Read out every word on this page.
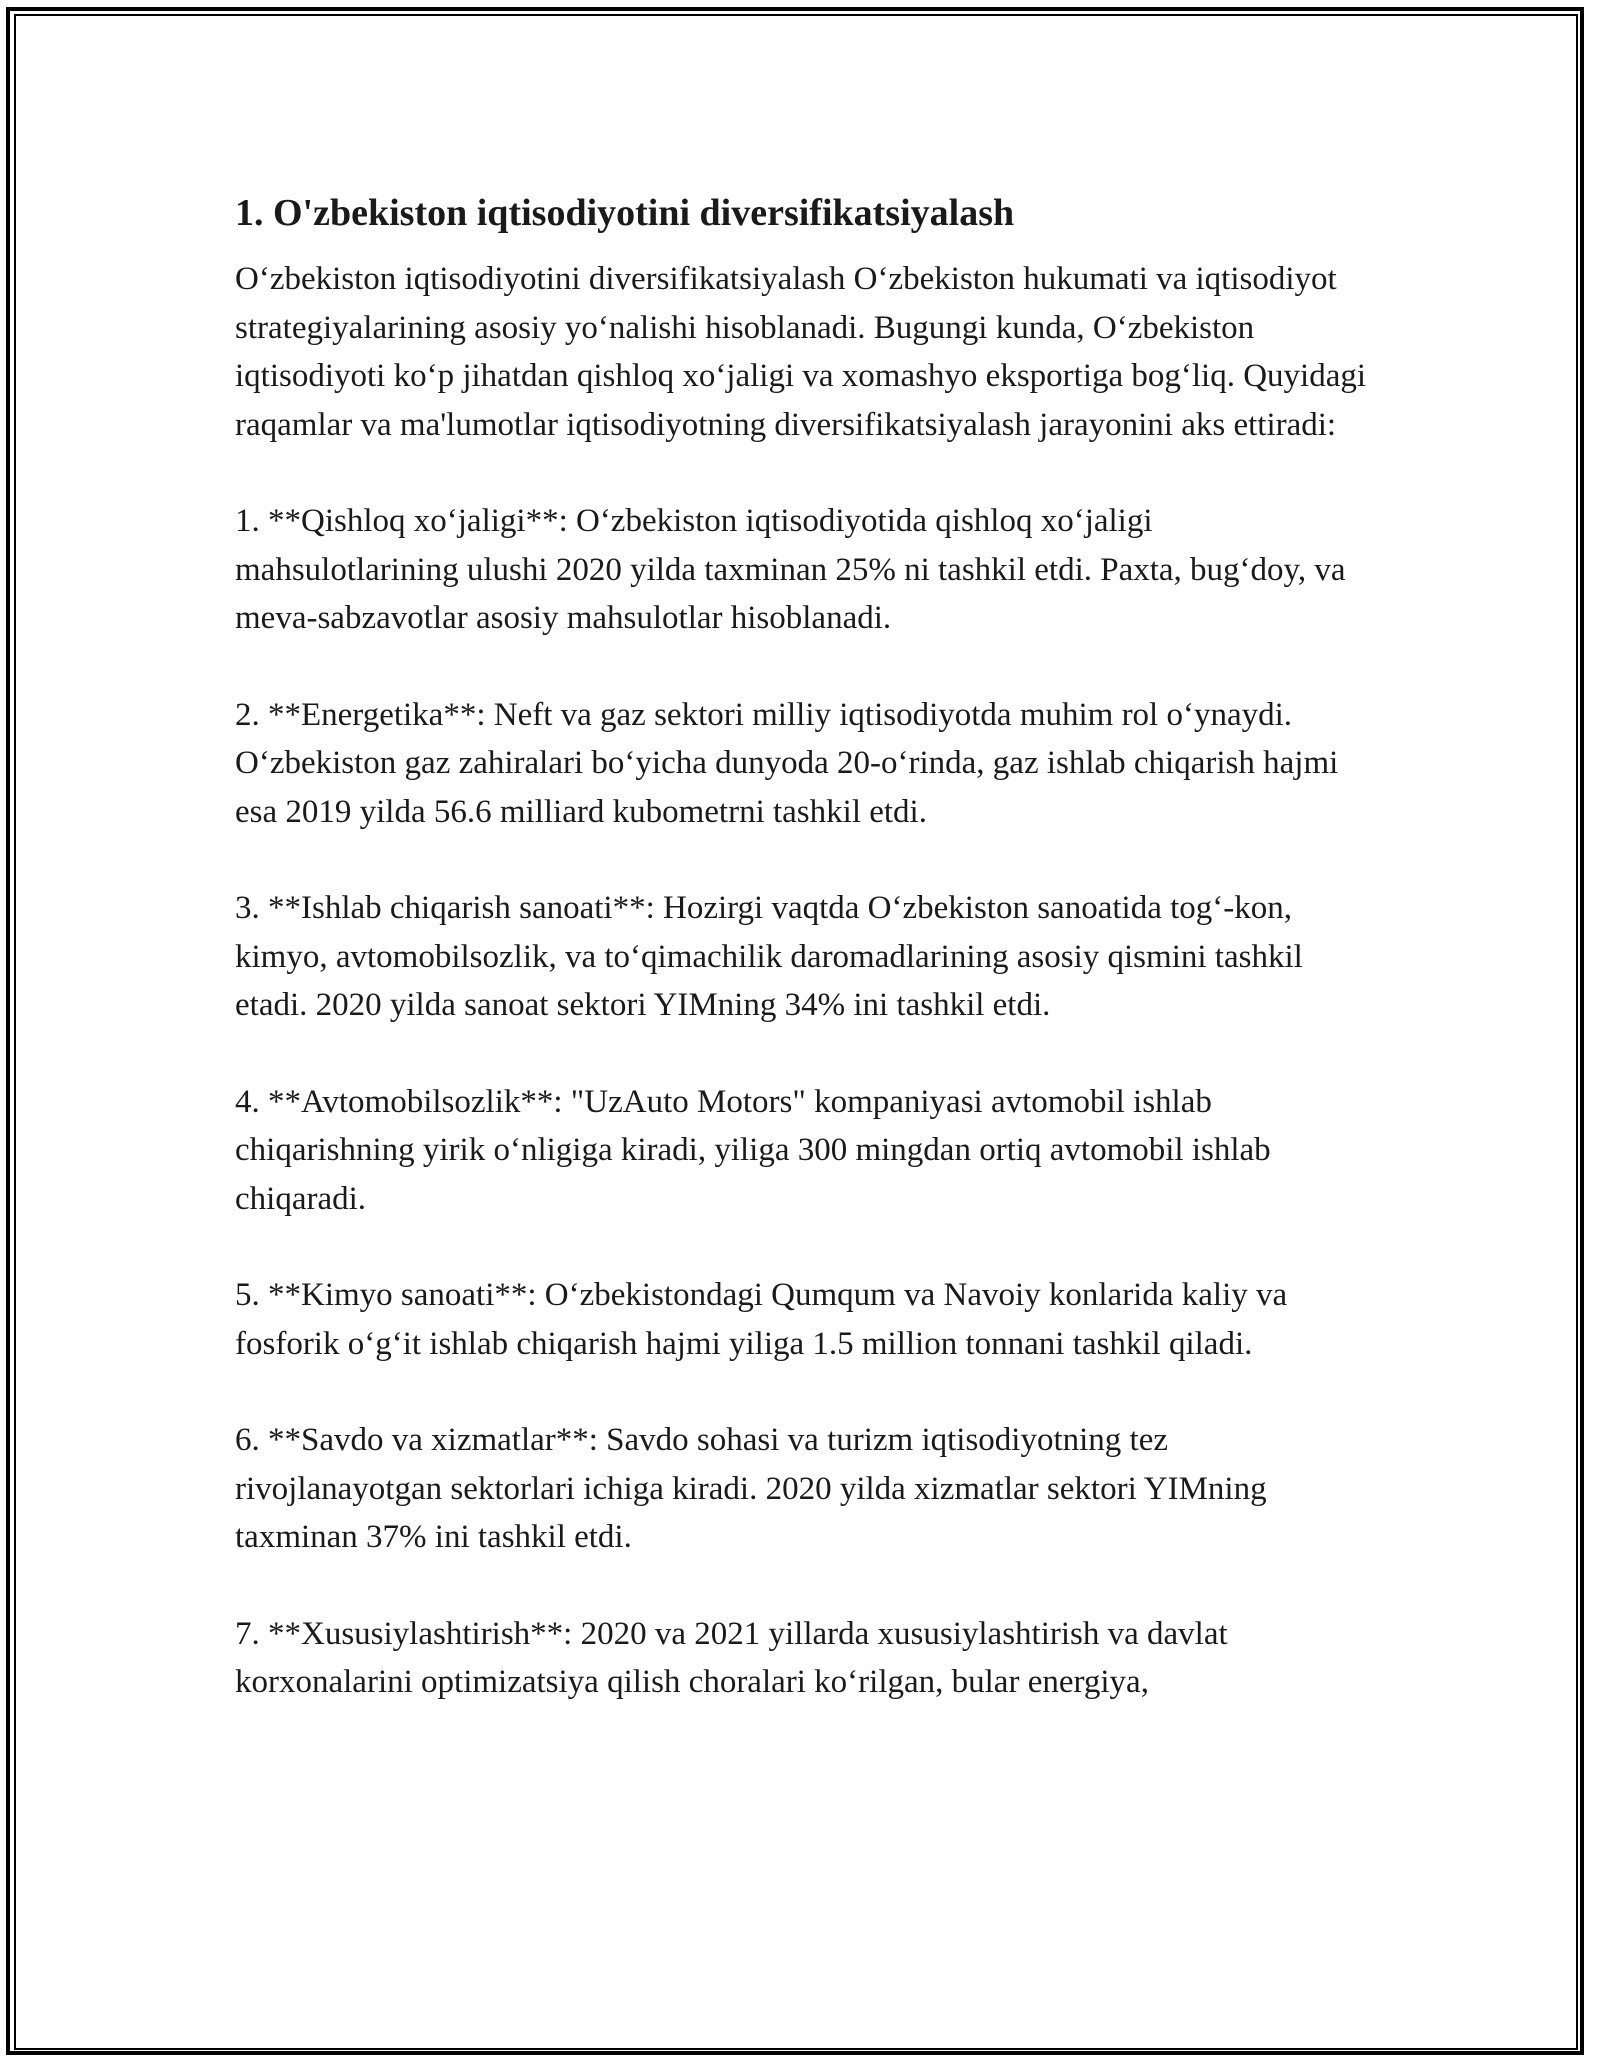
1. O'zbekiston iqtisodiyotini diversifikatsiyalash

O‘zbekiston iqtisodiyotini diversifikatsiyalash O‘zbekiston hukumati va iqtisodiyot strategiyalarining asosiy yo‘nalishi hisoblanadi. Bugungi kunda, O‘zbekiston iqtisodiyoti ko‘p jihatdan qishloq xo‘jaligi va xomashyo eksportiga bog‘liq. Quyidagi raqamlar va ma'lumotlar iqtisodiyotning diversifikatsiyalash jarayonini aks ettiradi:

1. **Qishloq xo‘jaligi**: O‘zbekiston iqtisodiyotida qishloq xo‘jaligi mahsulotlarining ulushi 2020 yilda taxminan 25% ni tashkil etdi. Paxta, bug‘doy, va meva-sabzavotlar asosiy mahsulotlar hisoblanadi.

2. **Energetika**: Neft va gaz sektori milliy iqtisodiyotda muhim rol o‘ynaydi. O‘zbekiston gaz zahiralari bo‘yicha dunyoda 20-o‘rinda, gaz ishlab chiqarish hajmi esa 2019 yilda 56.6 milliard kubometrni tashkil etdi.

3. **Ishlab chiqarish sanoati**: Hozirgi vaqtda O‘zbekiston sanoatida tog‘-kon, kimyo, avtomobilsozlik, va to‘qimachilik daromadlarining asosiy qismini tashkil etadi. 2020 yilda sanoat sektori YIMning 34% ini tashkil etdi.

4. **Avtomobilsozlik**: "UzAuto Motors" kompaniyasi avtomobil ishlab chiqarishning yirik o‘nligiga kiradi, yiliga 300 mingdan ortiq avtomobil ishlab chiqaradi.

5. **Kimyo sanoati**: O‘zbekistondagi Qumqum va Navoiy konlarida kaliy va fosforik o‘g‘it ishlab chiqarish hajmi yiliga 1.5 million tonnani tashkil qiladi.

6. **Savdo va xizmatlar**: Savdo sohasi va turizm iqtisodiyotning tez rivojlanayotgan sektorlari ichiga kiradi. 2020 yilda xizmatlar sektori YIMning taxminan 37% ini tashkil etdi.

7. **Xususiylashtirish**: 2020 va 2021 yillarda xususiylashtirish va davlat korxonalarini optimizatsiya qilish choralari ko‘rilgan, bular energiya,
